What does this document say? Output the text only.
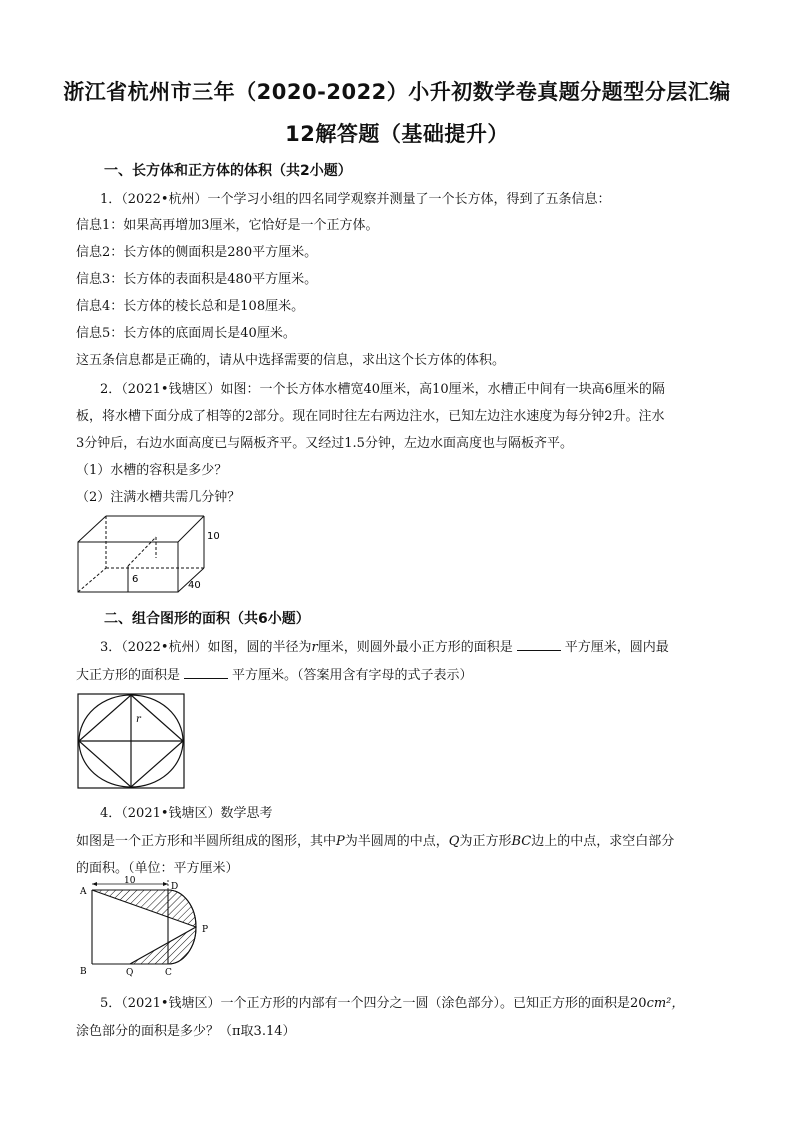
浙江省杭州市三年（2020-2022）小升初数学卷真题分题型分层汇编
12解答题（基础提升）
一、长方体和正方体的体积（共2小题）
1．（2022•杭州）一个学习小组的四名同学观察并测量了一个长方体，得到了五条信息：
信息1：如果高再增加3厘米，它恰好是一个正方体。
信息2：长方体的侧面积是280平方厘米。
信息3：长方体的表面积是480平方厘米。
信息4：长方体的棱长总和是108厘米。
信息5：长方体的底面周长是40厘米。
这五条信息都是正确的，请从中选择需要的信息，求出这个长方体的体积。
2．（2021•钱塘区）如图：一个长方体水槽宽40厘米，高10厘米，水槽正中间有一块高6厘米的隔
板，将水槽下面分成了相等的2部分。现在同时往左右两边注水，已知左边注水速度为每分钟2升。注水
3分钟后，右边水面高度已与隔板齐平。又经过1.5分钟，左边水面高度也与隔板齐平。
（1）水槽的容积是多少？
（2）注满水槽共需几分钟？
10
6
40
二、组合图形的面积（共6小题）
3．（2022•杭州）如图，圆的半径为r厘米，则圆外最小正方形的面积是	平方厘米，圆内最
大正方形的面积是	平方厘米。（答案用含有字母的式子表示）
r
4．（2021•钱塘区）数学思考
如图是一个正方形和半圆所组成的图形，其中P为半圆周的中点，Q为正方形BC边上的中点，求空白部分
的面积。（单位：平方厘米）
10
A	D
P
B	Q	C
5．（2021•钱塘区）一个正方形的内部有一个四分之一圆（涂色部分）。已知正方形的面积是20cm²，
涂色部分的面积是多少？（π取3.14）
